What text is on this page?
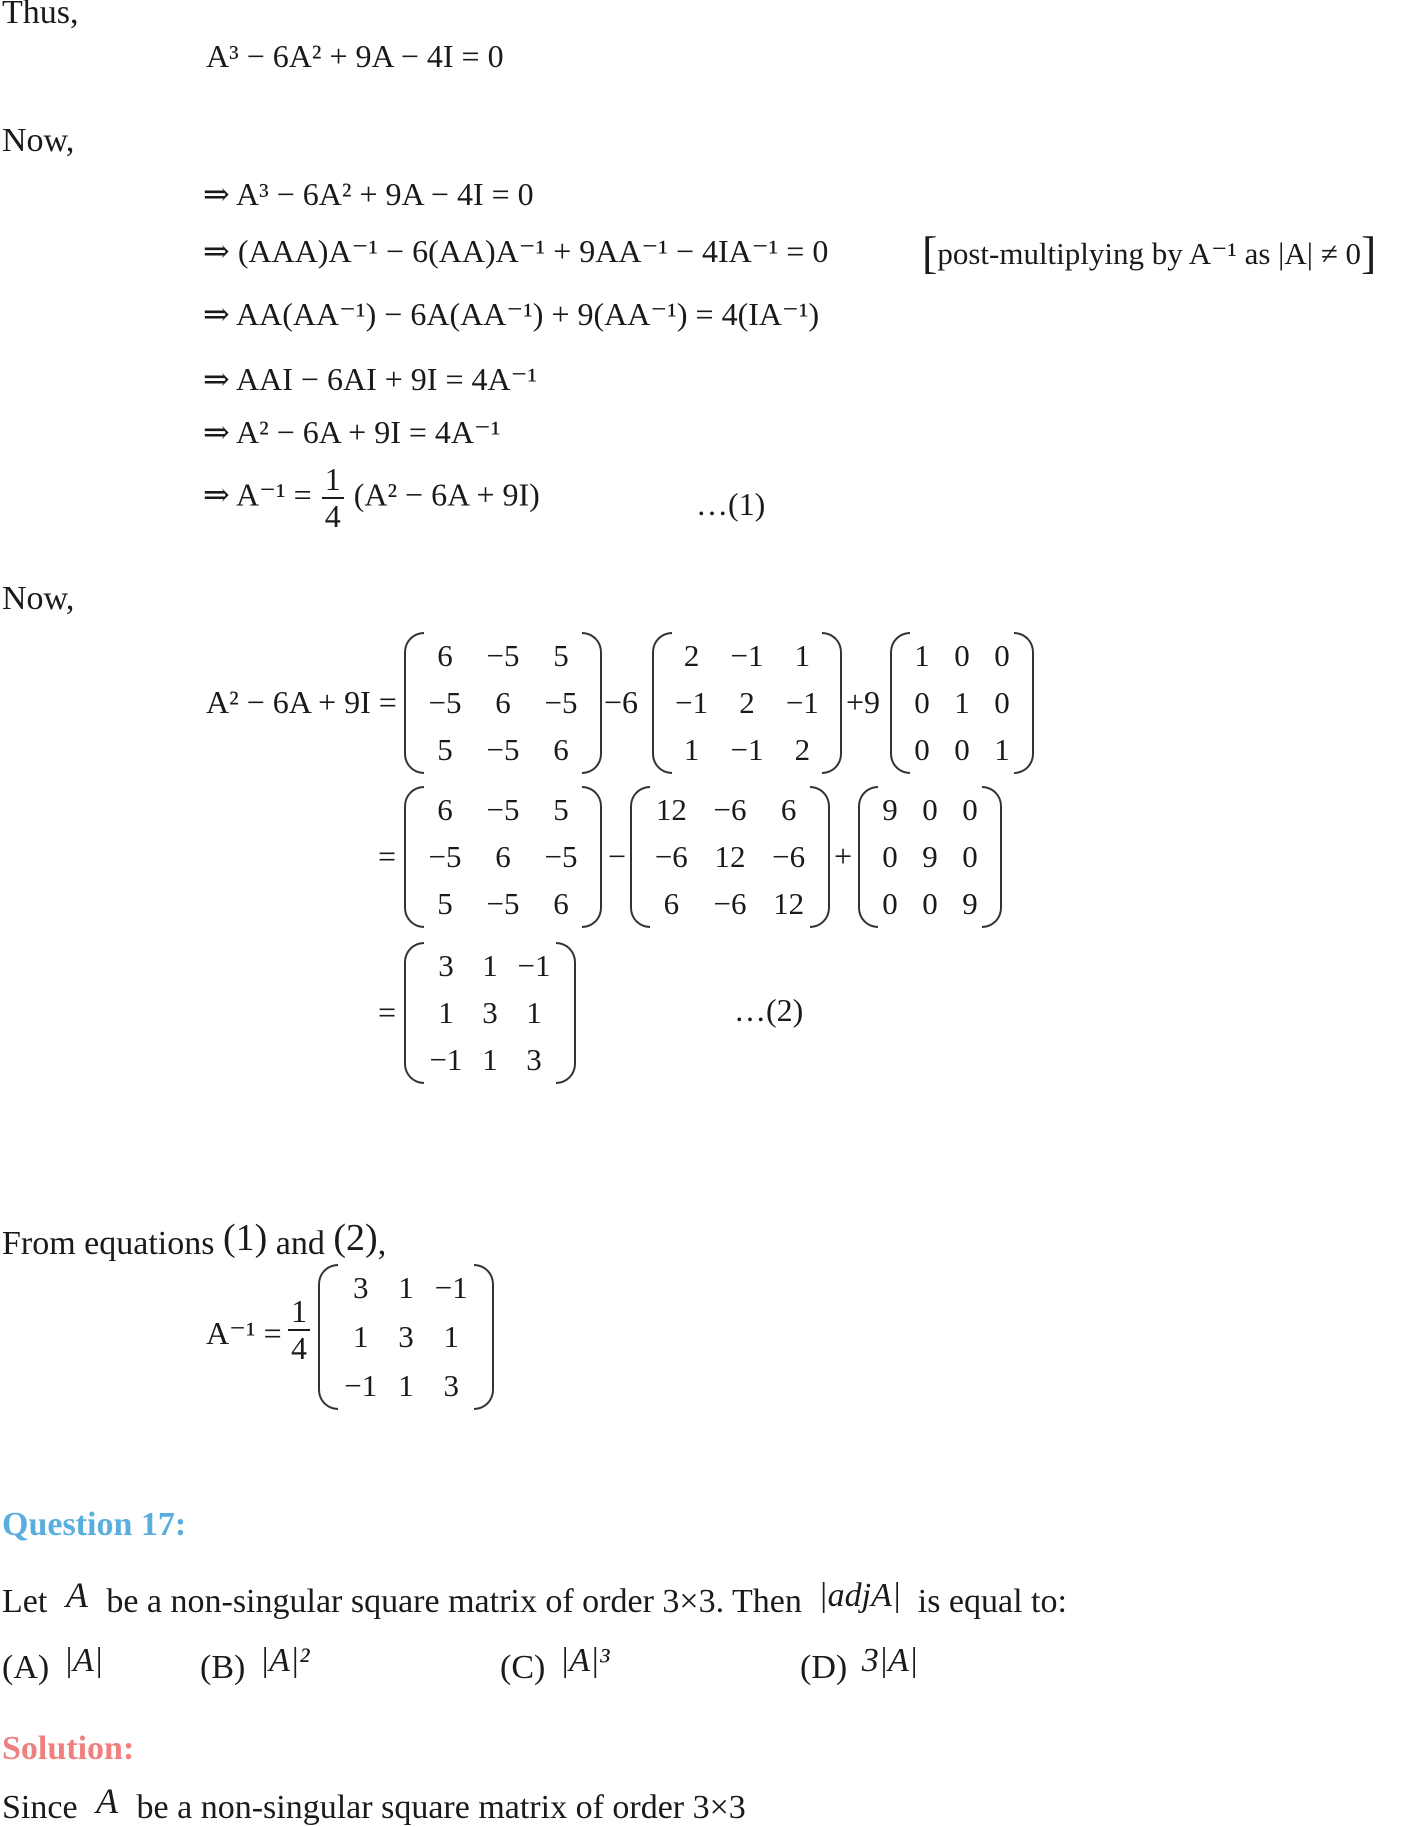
Thus,
A³ − 6A² + 9A − 4I = 0
Now,
⇒ A³ − 6A² + 9A − 4I = 0
⇒ (AAA)A⁻¹ − 6(AA)A⁻¹ + 9AA⁻¹ − 4IA⁻¹ = 0 [post-multiplying by A⁻¹ as |A| ≠ 0]
⇒ AA(AA⁻¹) − 6A(AA⁻¹) + 9(AA⁻¹) = 4(IA⁻¹)
⇒ AAI − 6AI + 9I = 4A⁻¹
⇒ A² − 6A + 9I = 4A⁻¹
⇒ $A^{-1} = \frac{1}{4} (A^2 - 6A + 9I)$	…(1)
Now,
A² − 6A + 9I =
6	−5	5
−5	6	−5
5	−5	6
−6
2	−1	1
−1	2	−1
1	−1	2
+9
1	0	0
0	1	0
0	0	1
=
6	−5	5
−5	6	−5
5	−5	6
−
12	−6	6
−6	12	−6
6	−6	12
+
9	0	0
0	9	0
0	0	9
=
3	1	−1
1	3	1
−1	1	3
…(2)
From equations (1) and (2),
$A^{-1} = \frac{1}{4}$
3	1	−1
1	3	1
−1	1	3
Question 17:
Let A be a non-singular square matrix of order 3×3. Then |adjA| is equal to:
(A) |A|	(B) |A|²	(C) |A|³	(D) 3|A|
Solution:
Since A be a non-singular square matrix of order 3×3
